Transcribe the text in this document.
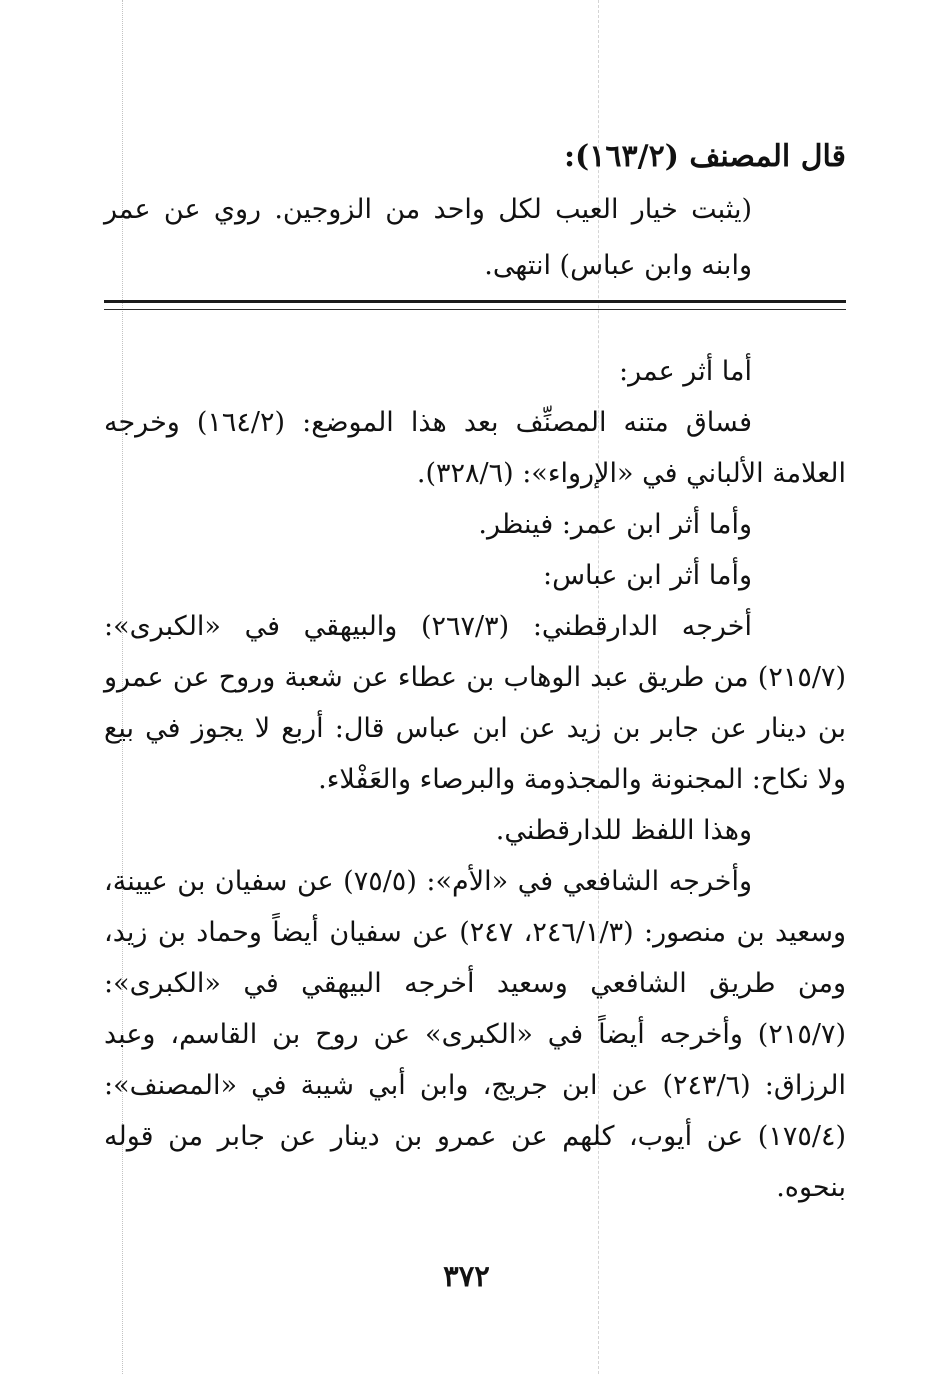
قال المصنف (١٦٣/٢):

(يثبت خيار العيب لكل واحد من الزوجين. روي عن عمر وابنه وابن عباس) انتهى.

أما أثر عمر:

فساق متنه المصنِّف بعد هذا الموضع: (١٦٤/٢) وخرجه العلامة الألباني في «الإرواء»: (٣٢٨/٦).

وأما أثر ابن عمر: فينظر.

وأما أثر ابن عباس:

أخرجه الدارقطني: (٢٦٧/٣) والبيهقي في «الكبرى»: (٢١٥/٧) من طريق عبد الوهاب بن عطاء عن شعبة وروح عن عمرو بن دينار عن جابر بن زيد عن ابن عباس قال: أربع لا يجوز في بيع ولا نكاح: المجنونة والمجذومة والبرصاء والعَفْلاء.

وهذا اللفظ للدارقطني.

وأخرجه الشافعي في «الأم»: (٧٥/٥) عن سفيان بن عيينة، وسعيد بن منصور: (٢٤٦/١/٣، ٢٤٧) عن سفيان أيضاً وحماد بن زيد، ومن طريق الشافعي وسعيد أخرجه البيهقي في «الكبرى»: (٢١٥/٧) وأخرجه أيضاً في «الكبرى» عن روح بن القاسم، وعبد الرزاق: (٢٤٣/٦) عن ابن جريج، وابن أبي شيبة في «المصنف»: (١٧٥/٤) عن أيوب، كلهم عن عمرو بن دينار عن جابر من قوله بنحوه.

٣٧٢
